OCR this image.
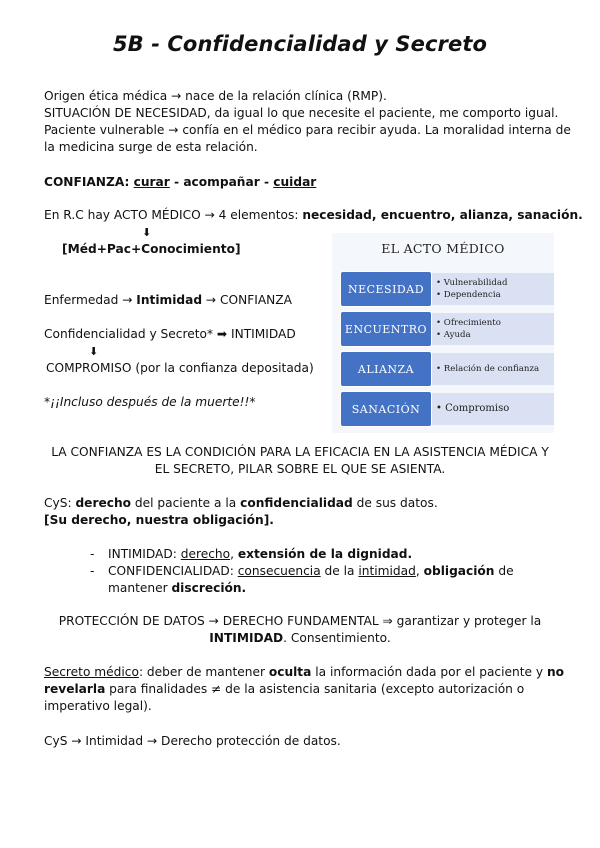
5B - Confidencialidad y Secreto
Origen ética médica → nace de la relación clínica (RMP).
SITUACIÓN DE NECESIDAD, da igual lo que necesite el paciente, me comporto igual.
Paciente vulnerable → confía en el médico para recibir ayuda. La moralidad interna de
la medicina surge de esta relación.
CONFIANZA: curar - acompañar - cuidar
En R.C hay ACTO MÉDICO → 4 elementos: necesidad, encuentro, alianza, sanación.
⬇
[Méd+Pac+Conocimiento]
Enfermedad → Intimidad → CONFIANZA
Confidencialidad y Secreto* ➡ INTIMIDAD
⬇
COMPROMISO (por la confianza depositada)
*¡¡Incluso después de la muerte!!*
EL ACTO MÉDICO
• Vulnerabilidad
• Dependencia
NECESIDAD
• Ofrecimiento
• Ayuda
ENCUENTRO
• Relación de confianza
ALIANZA
• Compromiso
SANACIÓN
LA CONFIANZA ES LA CONDICIÓN PARA LA EFICACIA EN LA ASISTENCIA MÉDICA Y
EL SECRETO, PILAR SOBRE EL QUE SE ASIENTA.
CyS: derecho del paciente a la confidencialidad de sus datos.
[Su derecho, nuestra obligación].
- INTIMIDAD: derecho, extensión de la dignidad.
- CONFIDENCIALIDAD: consecuencia de la intimidad, obligación de
mantener discreción.
PROTECCIÓN DE DATOS → DERECHO FUNDAMENTAL ⇒ garantizar y proteger la
INTIMIDAD. Consentimiento.
Secreto médico: deber de mantener oculta la información dada por el paciente y no
revelarla para finalidades ≠ de la asistencia sanitaria (excepto autorización o
imperativo legal).
CyS → Intimidad → Derecho protección de datos.
